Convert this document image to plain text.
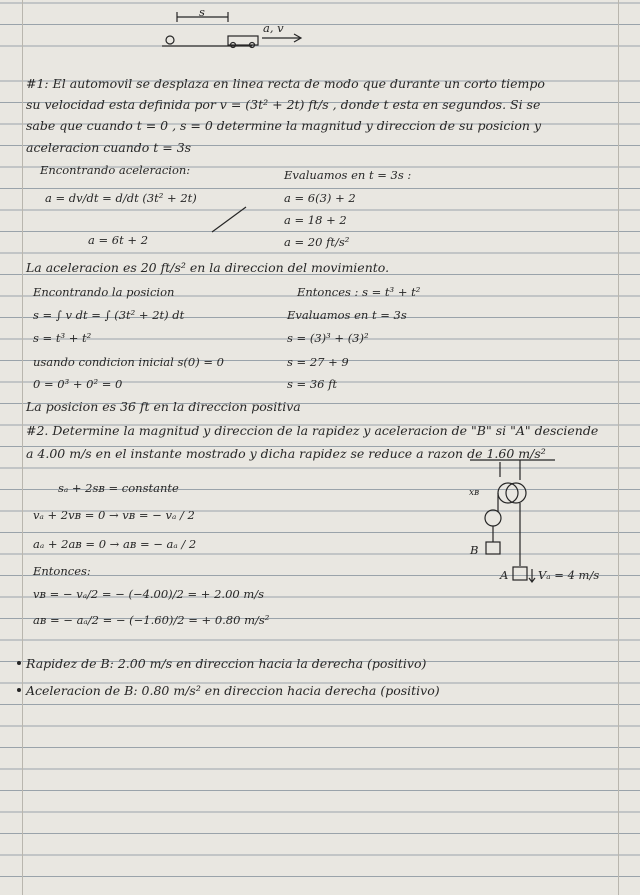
s
a, v
#1: El automovil se desplaza en linea recta de modo que durante un corto tiempo
su velocidad esta definida por v = (3t² + 2t) ft/s , donde t esta en segundos. Si se
sabe que cuando t = 0 , s = 0 determine la magnitud y direccion de su posicion y
aceleracion cuando t = 3s
Encontrando aceleracion:
a = dv/dt = d/dt (3t² + 2t)
a = 6t + 2
Evaluamos en t = 3s :
a = 6(3) + 2
a = 18 + 2
a = 20 ft/s²
La aceleracion es 20 ft/s² en la direccion del movimiento.
Encontrando la posicion
s = ∫ v dt = ∫ (3t² + 2t) dt
s = t³ + t²
Entonces : s = t³ + t²
Evaluamos en t = 3s
s = (3)³ + (3)²
s = 27 + 9
s = 36 ft
usando condicion inicial s(0) = 0
0 = 0³ + 0² = 0
La posicion es 36 ft en la direccion positiva
#2. Determine la magnitud y direccion de la rapidez y aceleracion de "B" si "A" desciende
a 4.00 m/s en el instante mostrado y dicha rapidez se reduce a razon de 1.60 m/s²
sₐ + 2sʙ = constante
vₐ + 2vʙ = 0 → vʙ = − vₐ / 2
aₐ + 2aʙ = 0 → aʙ = − aₐ / 2
Entonces:
vʙ = − vₐ/2 = − (−4.00)/2 = + 2.00 m/s
aʙ = − aₐ/2 = − (−1.60)/2 = + 0.80 m/s²
xʙ
B
A	Vₐ = 4 m/s
Rapidez de B: 2.00 m/s en direccion hacia la derecha (positivo)
Aceleracion de B: 0.80 m/s² en direccion hacia derecha (positivo)
